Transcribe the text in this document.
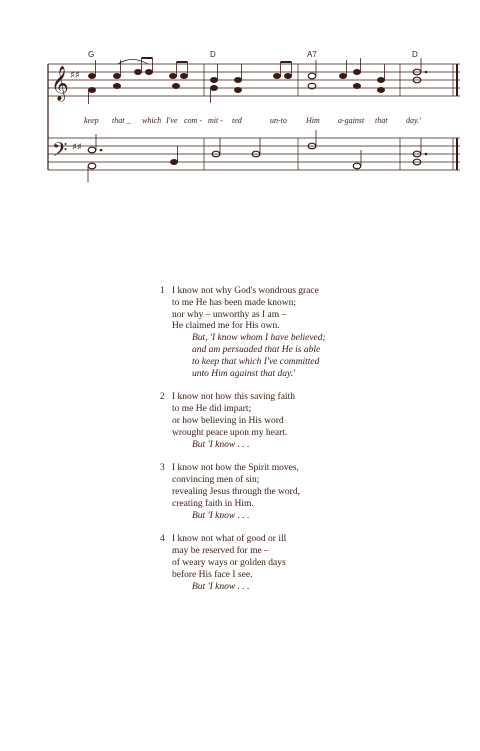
𝄞 ♯♯
𝄢 ♯♯
G	D	A7	D
keep that _ which I've com - mit - ted	un-to Him a-gainst that day.'
1 I know not why God's wondrous grace
to me He has been made known;
nor why – unworthy as I am –
He claimed me for His own.
But, 'I know whom I have believed;
and am persuaded that He is able
to keep that which I've committed
unto Him against that day.'
2 I know not how this saving faith
to me He did impart;
or how believing in His word
wrought peace upon my heart.
But 'I know . . .
3 I know not how the Spirit moves,
convincing men of sin;
revealing Jesus through the word,
creating faith in Him.
But 'I know . . .
4 I know not what of good or ill
may be reserved for me –
of weary ways or golden days
before His face I see.
But 'I know . . .
